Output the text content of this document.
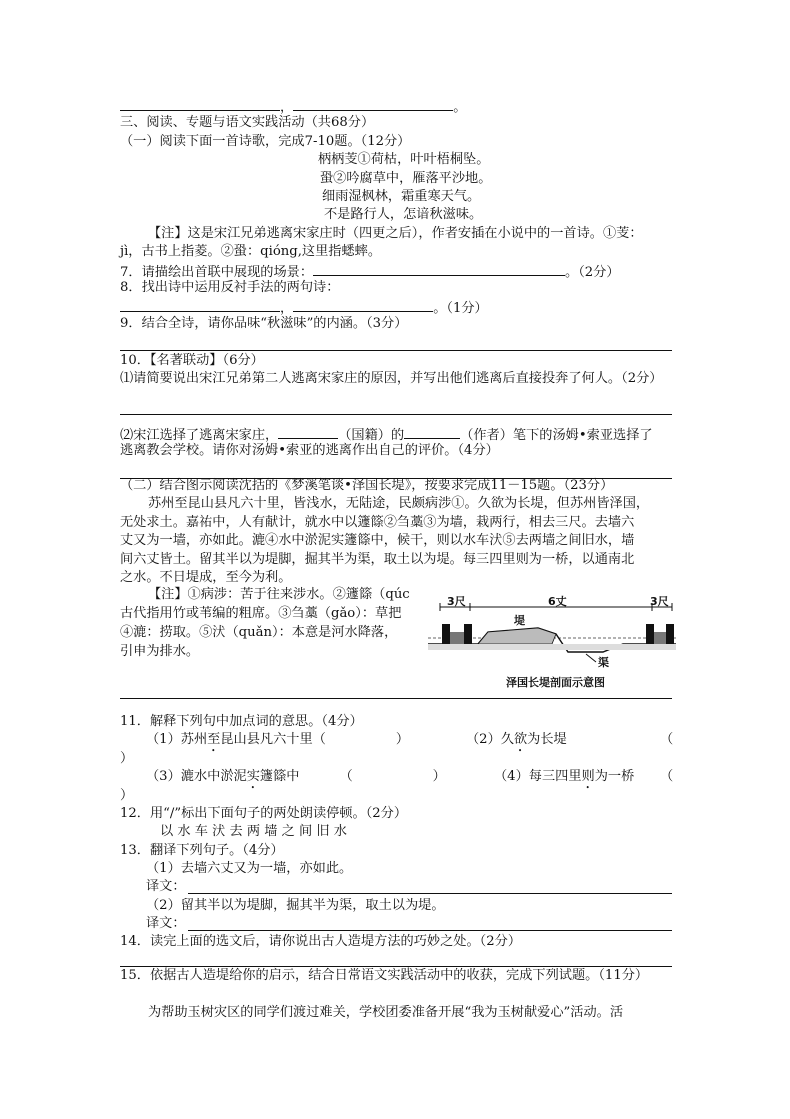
，	。
三、阅读、专题与语文实践活动（共68分）
（一）阅读下面一首诗歌，完成7-10题。（12分）
柄柄芰①荷枯，叶叶梧桐坠。
蛩②吟腐草中，雁落平沙地。
细雨湿枫林，霜重寒天气。
不是路行人，怎谙秋滋味。
【注】这是宋江兄弟逃离宋家庄时（四更之后），作者安插在小说中的一首诗。①芰：
jì，古书上指菱。②蛩：qióng,这里指蟋蟀。
7．请描绘出首联中展现的场景：	。（2分）
8．找出诗中运用反衬手法的两句诗：
，	。（1分）
9．结合全诗，请你品味“秋滋味”的内涵。（3分）
10．【名著联动】（6分）
⑴请简要说出宋江兄弟第二人逃离宋家庄的原因，并写出他们逃离后直接投奔了何人。（2分）
⑵宋江选择了逃离宋家庄，	（国籍）的	（作者）笔下的汤姆•索亚选择了
逃离教会学校。请你对汤姆•索亚的逃离作出自己的评价。（4分）
（二）结合图示阅读沈括的《梦溪笔谈•泽国长堤》，按要求完成11－15题。（23分）
苏州至昆山县凡六十里，皆浅水，无陆途，民颇病涉①。久欲为长堤，但苏州皆泽国，
无处求土。嘉祐中，人有献计，就水中以籧篨②刍藁③为墙，栽两行，相去三尺。去墙六
丈又为一墙，亦如此。漉④水中淤泥实籧篨中，候干，则以水车汱⑤去两墙之间旧水，墙
间六丈皆土。留其半以为堤脚，掘其半为渠，取土以为堤。每三四里则为一桥，以通南北
之水。不日堤成，至今为利。
【注】①病涉：苦于往来涉水。②籧篨（qúc
古代指用竹或苇编的粗席。③刍藁（gǎo）：草把
④漉：捞取。⑤汱（quǎn）：本意是河水降落，
引申为排水。
3尺	6丈	3尺
堤
渠
泽国长堤剖面示意图
11．解释下列句中加点词的意思。（4分）
（1）苏州至昆山县凡六十里（	）	（2）久欲为长堤	（
）
（3）漉水中淤泥实籧篨中	（	）	（4）每三四里则为一桥 （
）
12．用“/”标出下面句子的两处朗读停顿。（2分）
以 水 车 汱 去 两 墙 之 间 旧 水
13．翻译下列句子。（4分）
（1）去墙六丈又为一墙，亦如此。
译文：
（2）留其半以为堤脚，掘其半为渠，取土以为堤。
译文：
14．读完上面的选文后，请你说出古人造堤方法的巧妙之处。（2分）
15．依据古人造堤给你的启示，结合日常语文实践活动中的收获，完成下列试题。（11分）
为帮助玉树灾区的同学们渡过难关，学校团委准备开展“我为玉树献爱心”活动。活
